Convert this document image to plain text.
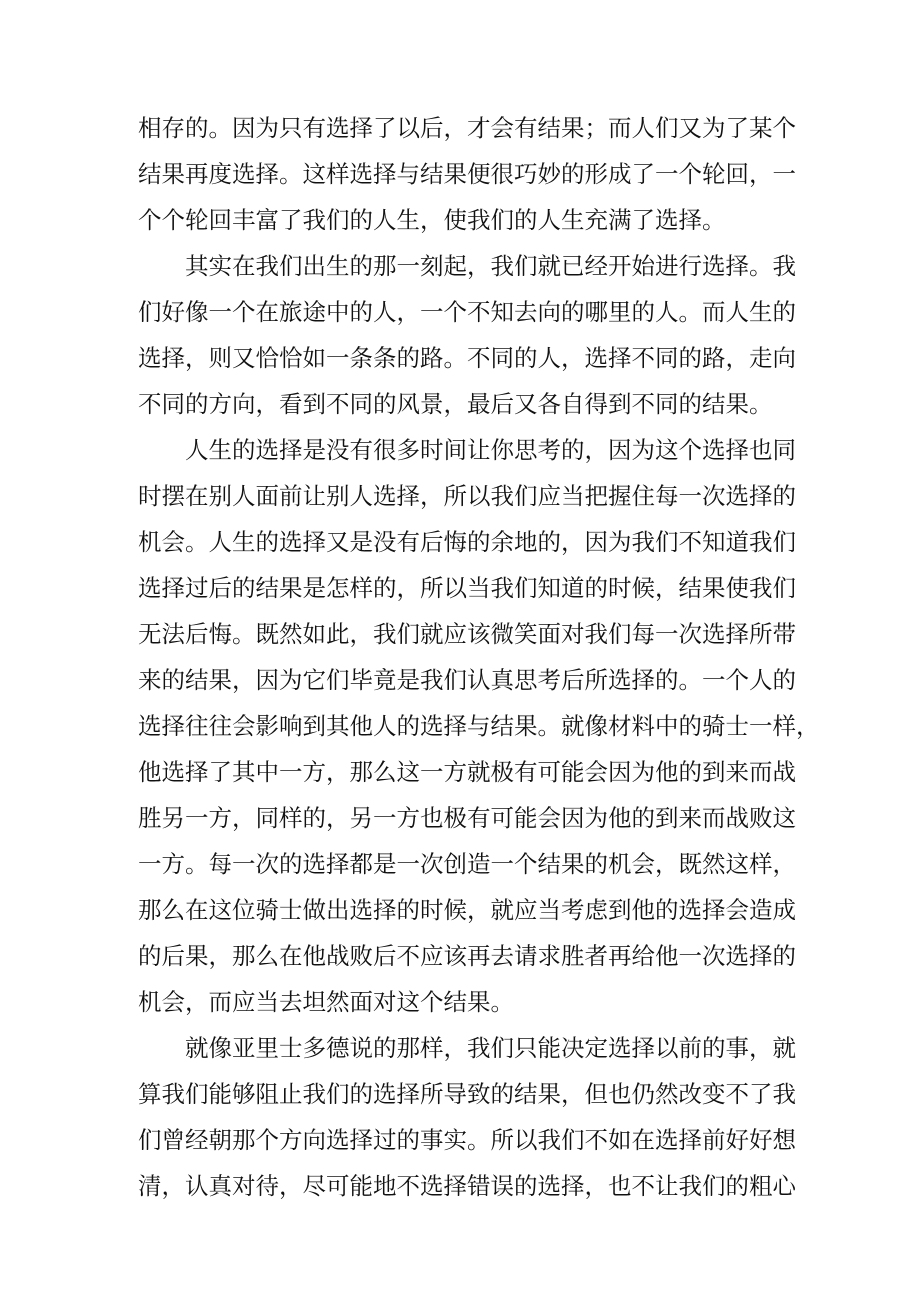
相存的。因为只有选择了以后，才会有结果；而人们又为了某个
结果再度选择。这样选择与结果便很巧妙的形成了一个轮回，一
个个轮回丰富了我们的人生，使我们的人生充满了选择。
其实在我们出生的那一刻起，我们就已经开始进行选择。我
们好像一个在旅途中的人，一个不知去向的哪里的人。而人生的
选择，则又恰恰如一条条的路。不同的人，选择不同的路，走向
不同的方向，看到不同的风景，最后又各自得到不同的结果。
人生的选择是没有很多时间让你思考的，因为这个选择也同
时摆在别人面前让别人选择，所以我们应当把握住每一次选择的
机会。人生的选择又是没有后悔的余地的，因为我们不知道我们
选择过后的结果是怎样的，所以当我们知道的时候，结果使我们
无法后悔。既然如此，我们就应该微笑面对我们每一次选择所带
来的结果，因为它们毕竟是我们认真思考后所选择的。一个人的
选择往往会影响到其他人的选择与结果。就像材料中的骑士一样，
他选择了其中一方，那么这一方就极有可能会因为他的到来而战
胜另一方，同样的，另一方也极有可能会因为他的到来而战败这
一方。每一次的选择都是一次创造一个结果的机会，既然这样，
那么在这位骑士做出选择的时候，就应当考虑到他的选择会造成
的后果，那么在他战败后不应该再去请求胜者再给他一次选择的
机会，而应当去坦然面对这个结果。
就像亚里士多德说的那样，我们只能决定选择以前的事，就
算我们能够阻止我们的选择所导致的结果，但也仍然改变不了我
们曾经朝那个方向选择过的事实。所以我们不如在选择前好好想
清，认真对待，尽可能地不选择错误的选择，也不让我们的粗心
